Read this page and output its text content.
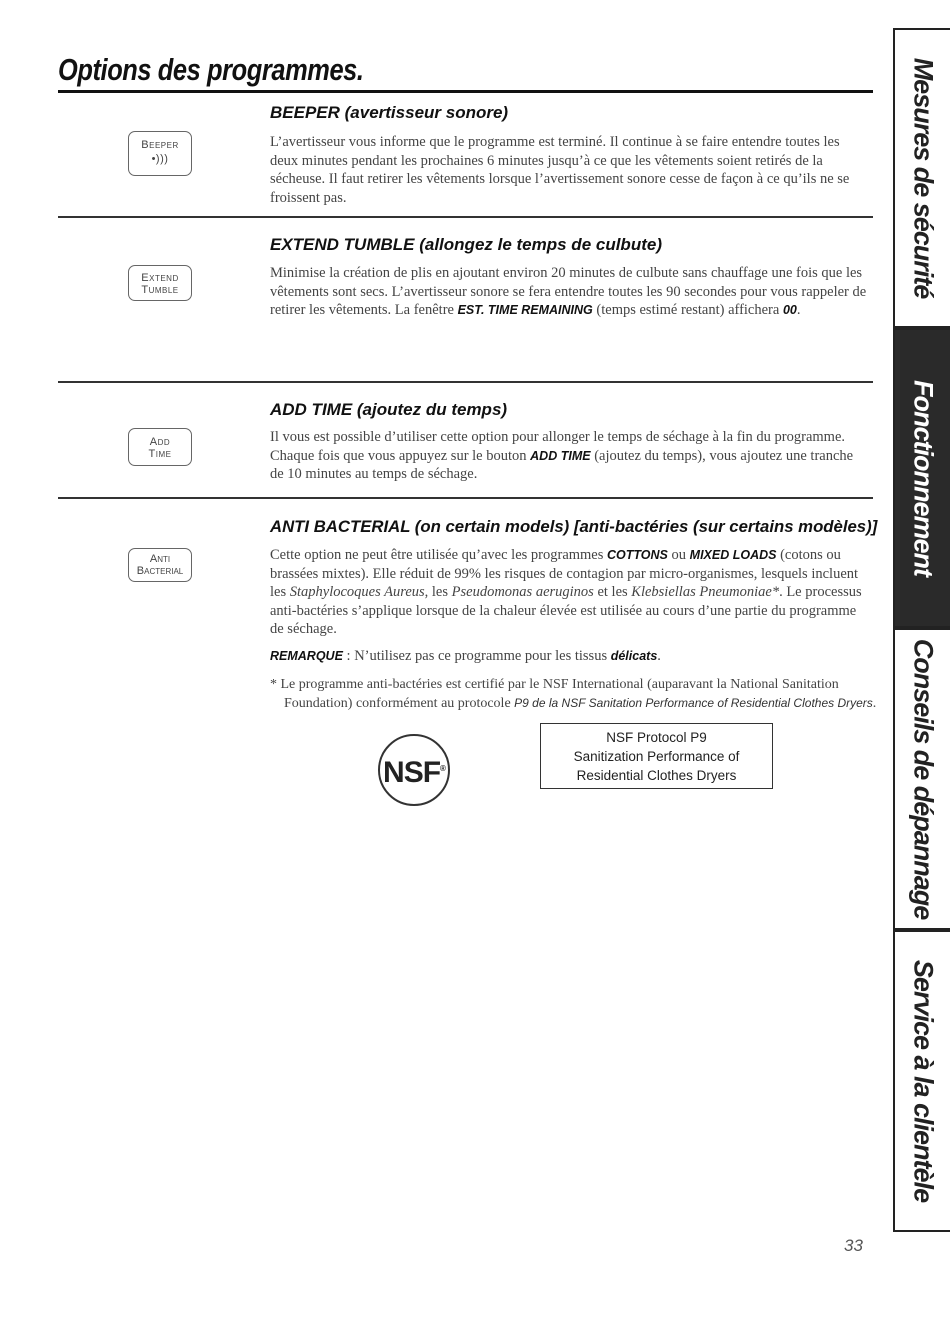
Options des programmes.
Beeper
•)))
BEEPER (avertisseur sonore)
L’avertisseur vous informe que le programme est terminé. Il continue à se faire entendre toutes les deux minutes pendant les prochaines 6 minutes jusqu’à ce que les vêtements soient retirés de la sécheuse. Il faut retirer les vêtements lorsque l’avertissement sonore cesse de façon à ce qu’ils ne se froissent pas.
Extend
Tumble
EXTEND TUMBLE (allongez le temps de culbute)
Minimise la création de plis en ajoutant environ 20 minutes de culbute sans chauffage une fois que les vêtements sont secs. L’avertisseur sonore se fera entendre toutes les 90 secondes pour vous rappeler de retirer les vêtements. La fenêtre EST. TIME REMAINING (temps estimé restant) affichera 00.
Add
Time
ADD TIME (ajoutez du temps)
Il vous est possible d’utiliser cette option pour allonger le temps de séchage à la fin du programme. Chaque fois que vous appuyez sur le bouton ADD TIME (ajoutez du temps), vous ajoutez une tranche de 10 minutes au temps de séchage.
Anti
Bacterial
ANTI BACTERIAL (on certain models) [anti-bactéries (sur certains modèles)]
Cette option ne peut être utilisée qu’avec les programmes COTTONS ou MIXED LOADS (cotons ou brassées mixtes). Elle réduit de 99% les risques de contagion par micro-organismes, lesquels incluent les Staphylocoques Aureus, les Pseudomonas aeruginos et les Klebsiellas Pneumoniae*. Le processus anti-bactéries s’applique lorsque de la chaleur élevée est utilisée au cours d’une partie du programme de séchage.
REMARQUE : N’utilisez pas ce programme pour les tissus délicats.
* Le programme anti-bactéries est certifié par le NSF International (auparavant la National Sanitation Foundation) conformément au protocole P9 de la NSF Sanitation Performance of Residential Clothes Dryers.
NSF®
NSF Protocol P9
Sanitization Performance of
Residential Clothes Dryers
33
Mesures de sécurité
Fonctionnement
Conseils de dépannage
Service à la clientèle
